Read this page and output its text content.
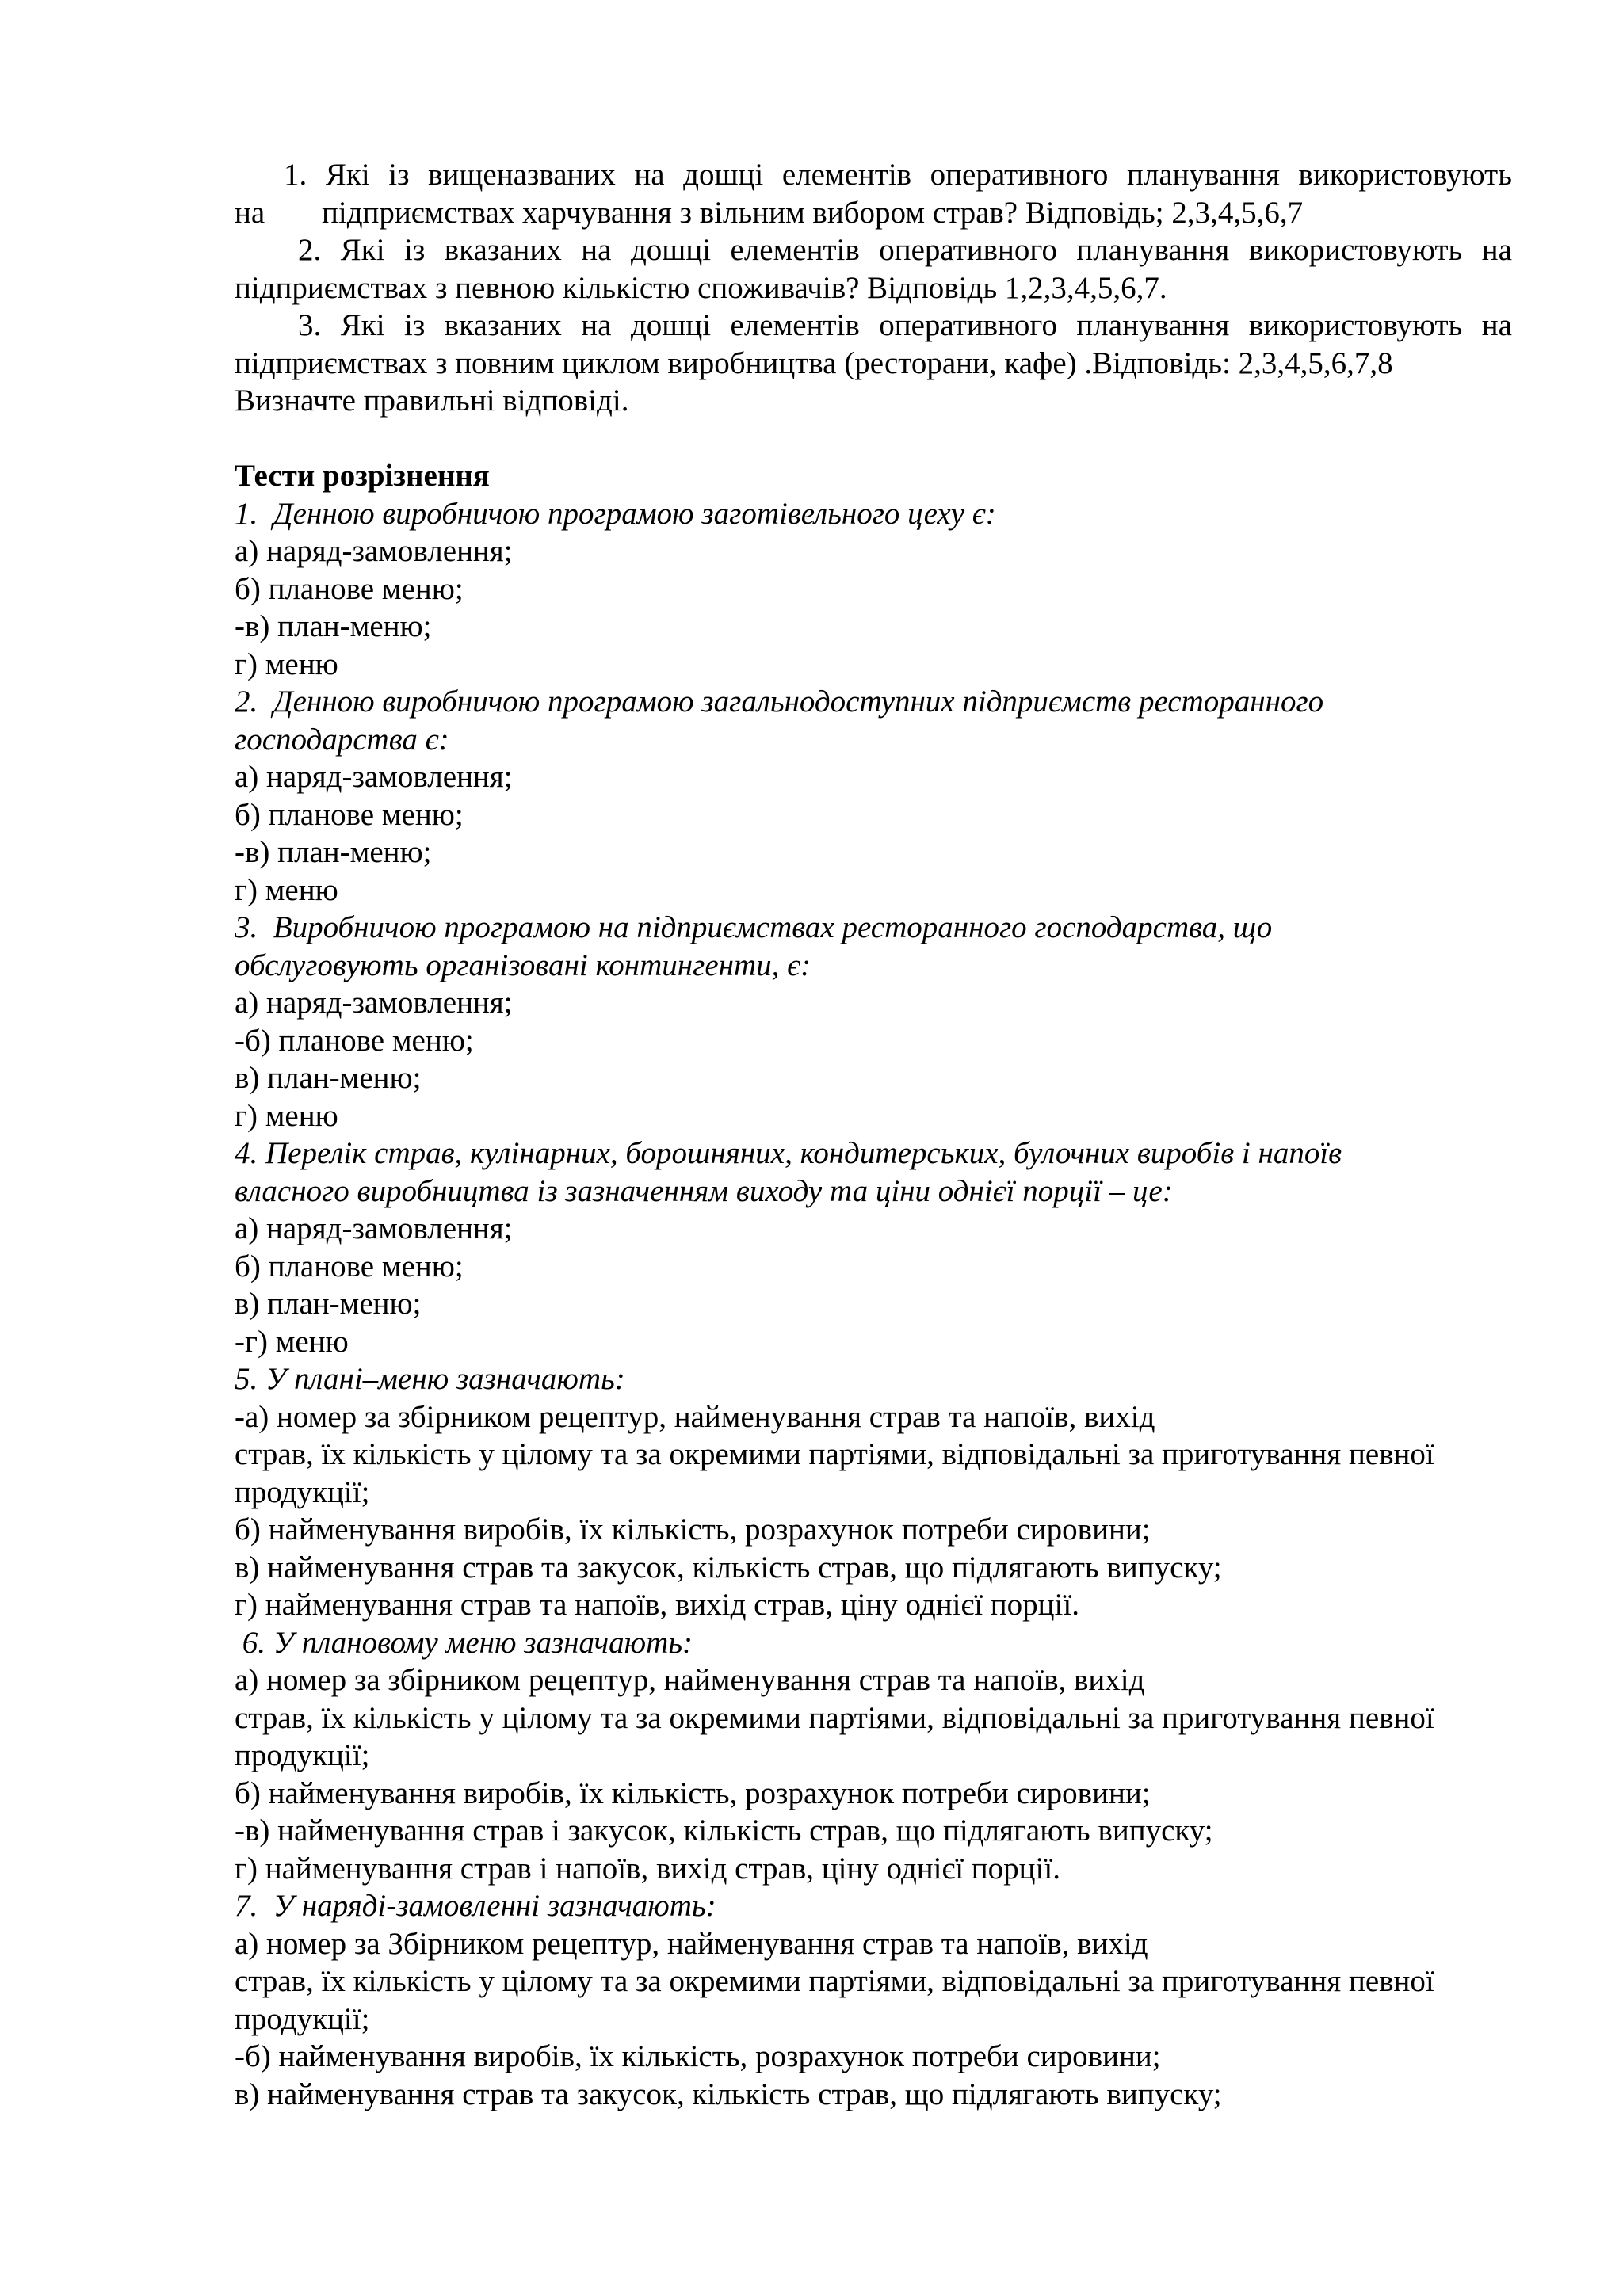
1. Які із вищеназваних на дошці елементів оперативного планування використовують
на	підприємствах харчування з вільним вибором страв? Відповідь; 2,3,4,5,6,7
2. Які із вказаних на дошці елементів оперативного планування використовують на
підприємствах з певною кількістю споживачів? Відповідь 1,2,3,4,5,6,7.
3. Які із вказаних на дошці елементів оперативного планування використовують на
підприємствах з повним циклом виробництва (ресторани, кафе) .Відповідь: 2,3,4,5,6,7,8
Визначте правильні відповіді.
Тести розрізнення
1.  Денною виробничою програмою заготівельного цеху є:
а) наряд-замовлення;
б) планове меню;
-в) план-меню;
г) меню
2.  Денною виробничою програмою загальнодоступних підприємств ресторанного
господарства є:
а) наряд-замовлення;
б) планове меню;
-в) план-меню;
г) меню
3.  Виробничою програмою на підприємствах ресторанного господарства, що
обслуговують організовані контингенти, є:
а) наряд-замовлення;
-б) планове меню;
в) план-меню;
г) меню
4. Перелік страв, кулінарних, борошняних, кондитерських, булочних виробів і напоїв
власного виробництва із зазначенням виходу та ціни однієї порції – це:
а) наряд-замовлення;
б) планове меню;
в) план-меню;
-г) меню
5. У плані–меню зазначають:
-а) номер за збірником рецептур, найменування страв та напоїв, вихід
страв, їх кількість у цілому та за окремими партіями, відповідальні за приготування певної
продукції;
б) найменування виробів, їх кількість, розрахунок потреби сировини;
в) найменування страв та закусок, кількість страв, що підлягають випуску;
г) найменування страв та напоїв, вихід страв, ціну однієї порції.
6. У плановому меню зазначають:
а) номер за збірником рецептур, найменування страв та напоїв, вихід
страв, їх кількість у цілому та за окремими партіями, відповідальні за приготування певної
продукції;
б) найменування виробів, їх кількість, розрахунок потреби сировини;
-в) найменування страв і закусок, кількість страв, що підлягають випуску;
г) найменування страв і напоїв, вихід страв, ціну однієї порції.
7.  У наряді-замовленні зазначають:
а) номер за Збірником рецептур, найменування страв та напоїв, вихід
страв, їх кількість у цілому та за окремими партіями, відповідальні за приготування певної
продукції;
-б) найменування виробів, їх кількість, розрахунок потреби сировини;
в) найменування страв та закусок, кількість страв, що підлягають випуску;
